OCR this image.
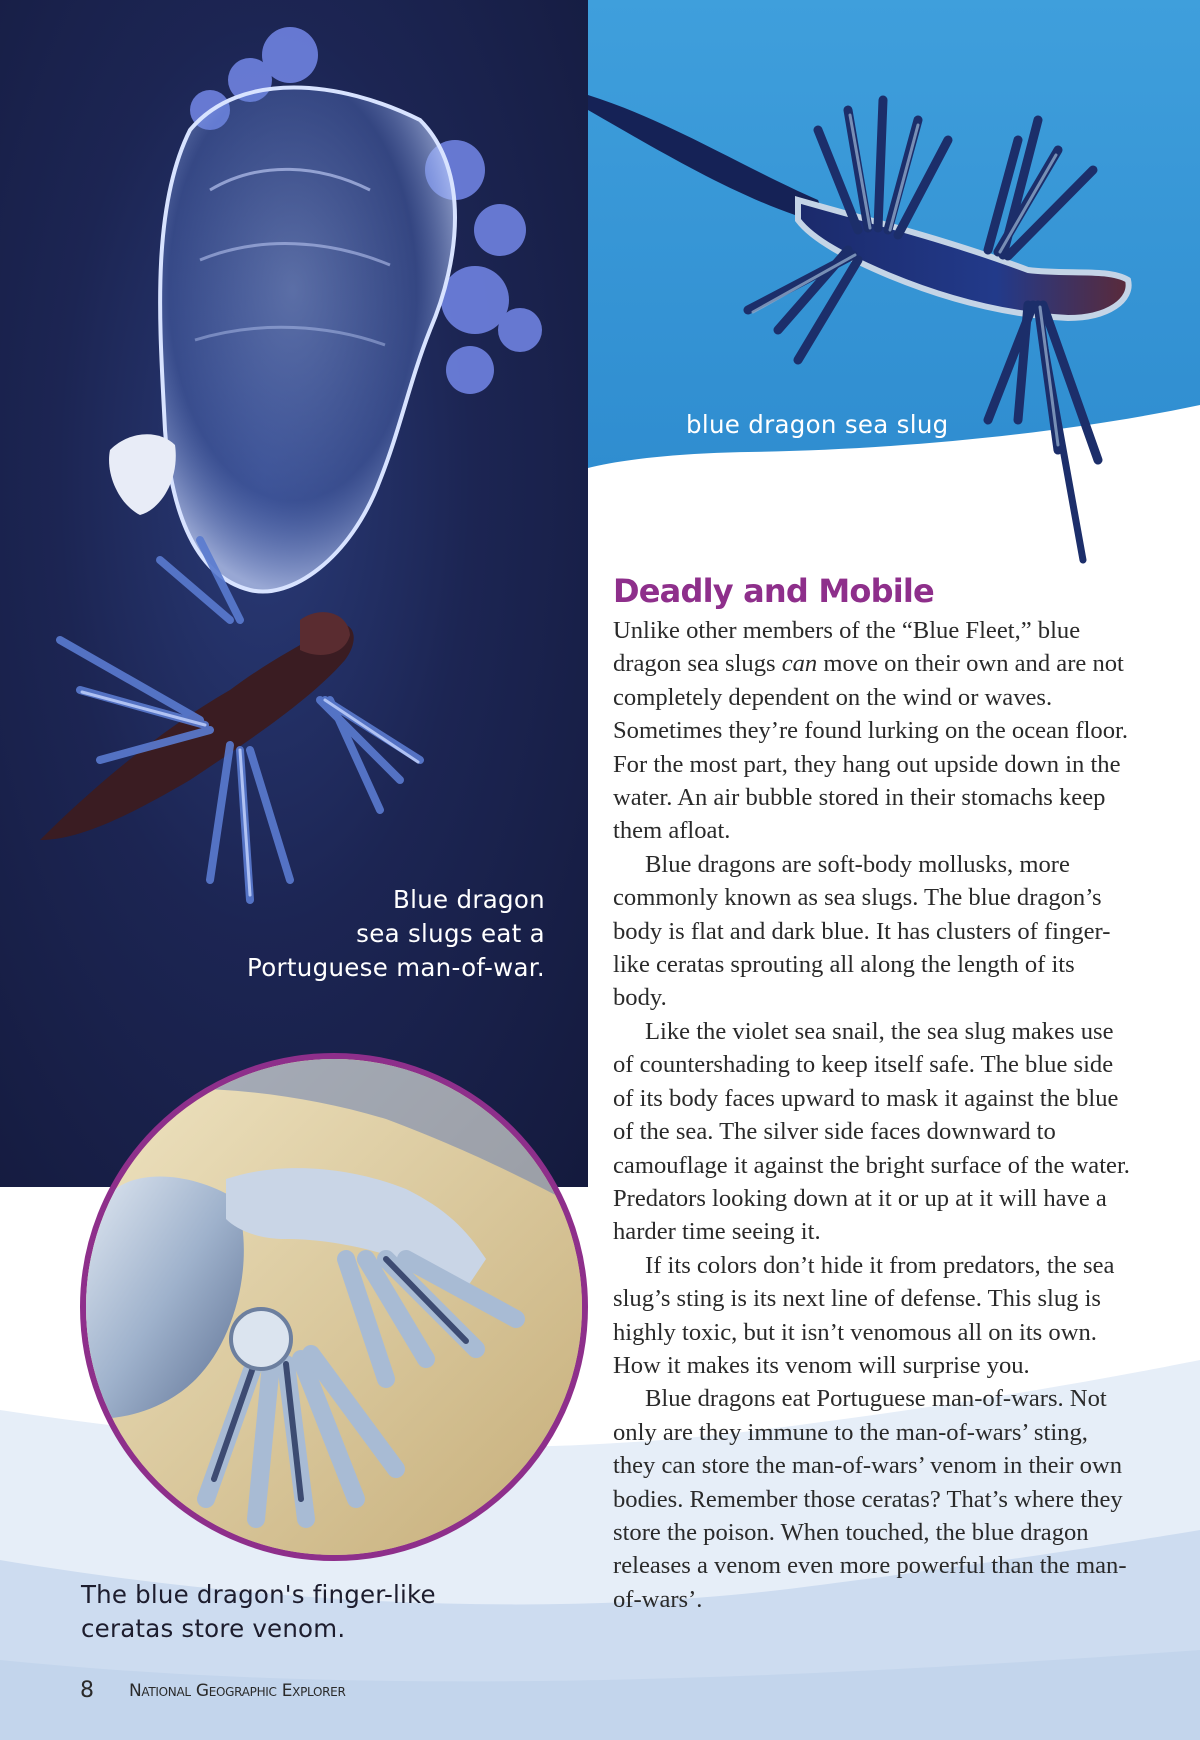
Blue dragon
sea slugs eat a
Portuguese man-of-war.
blue dragon sea slug
The blue dragon's finger-like
ceratas store venom.
Deadly and Mobile

Unlike other members of the “Blue Fleet,” blue dragon sea slugs can move on their own and are not completely dependent on the wind or waves. Sometimes they’re found lurking on the ocean floor. For the most part, they hang out upside down in the water. An air bubble stored in their stomachs keep them afloat.

Blue dragons are soft-body mollusks, more commonly known as sea slugs. The blue dragon’s body is flat and dark blue. It has clusters of finger-like ceratas sprouting all along the length of its body.

Like the violet sea snail, the sea slug makes use of countershading to keep itself safe. The blue side of its body faces upward to mask it against the blue of the sea. The silver side faces downward to camouflage it against the bright surface of the water. Predators looking down at it or up at it will have a harder time seeing it.

If its colors don’t hide it from predators, the sea slug’s sting is its next line of defense. This slug is highly toxic, but it isn’t venomous all on its own. How it makes its venom will surprise you.

Blue dragons eat Portuguese man-of-wars. Not only are they immune to the man-of-wars’ sting, they can store the man-of-wars’ venom in their own bodies. Remember those ceratas? That’s where they store the poison. When touched, the blue dragon releases a venom even more powerful than the man-of-wars’.

8 National Geographic Explorer
